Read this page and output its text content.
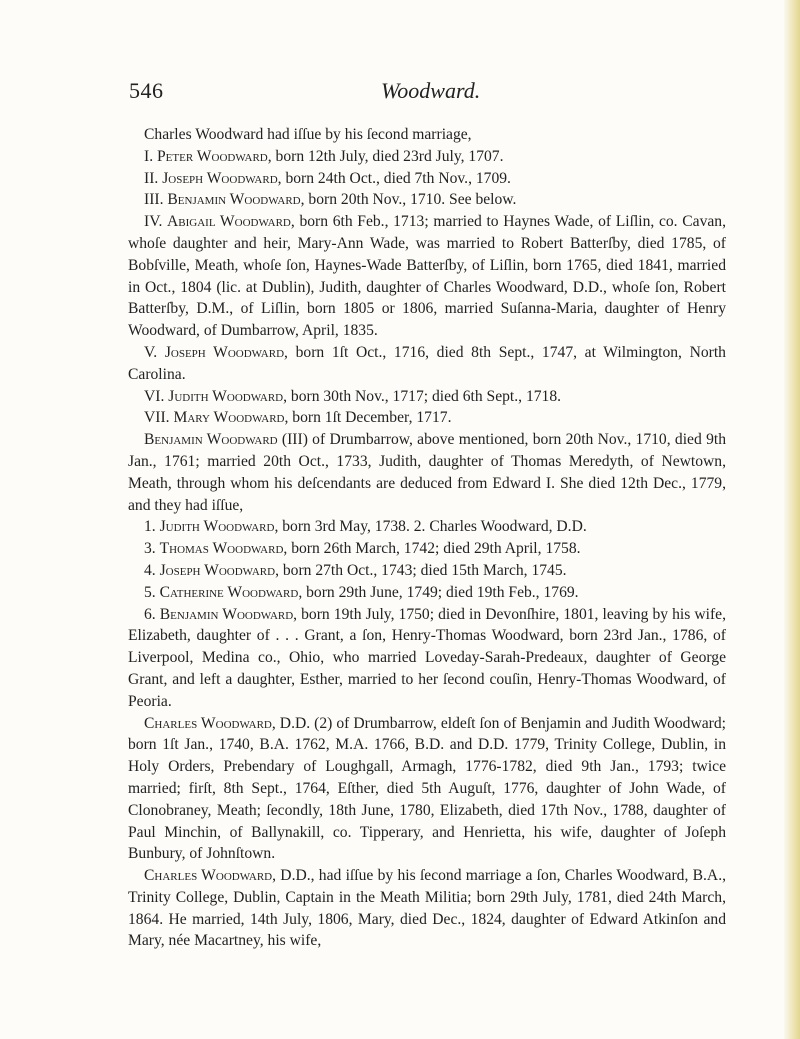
546	Woodward.

Charles Woodward had iſſue by his ſecond marriage,

I. Peter Woodward, born 12th July, died 23rd July, 1707.

II. Joseph Woodward, born 24th Oct., died 7th Nov., 1709.

III. Benjamin Woodward, born 20th Nov., 1710. See below.

IV. Abigail Woodward, born 6th Feb., 1713; married to Haynes Wade, of Liſlin, co. Cavan, whoſe daughter and heir, Mary-Ann Wade, was married to Robert Batterſby, died 1785, of Bobſville, Meath, whoſe ſon, Haynes-Wade Batterſby, of Liſlin, born 1765, died 1841, married in Oct., 1804 (lic. at Dublin), Judith, daughter of Charles Woodward, D.D., whoſe ſon, Robert Batterſby, D.M., of Liſlin, born 1805 or 1806, married Suſanna-Maria, daughter of Henry Woodward, of Dumbarrow, April, 1835.

V. Joseph Woodward, born 1ſt Oct., 1716, died 8th Sept., 1747, at Wilmington, North Carolina.

VI. Judith Woodward, born 30th Nov., 1717; died 6th Sept., 1718.

VII. Mary Woodward, born 1ſt December, 1717.

Benjamin Woodward (III) of Drumbarrow, above mentioned, born 20th Nov., 1710, died 9th Jan., 1761; married 20th Oct., 1733, Judith, daughter of Thomas Meredyth, of Newtown, Meath, through whom his deſcendants are deduced from Edward I. She died 12th Dec., 1779, and they had iſſue,

1. Judith Woodward, born 3rd May, 1738. 2. Charles Woodward, D.D.

3. Thomas Woodward, born 26th March, 1742; died 29th April, 1758.

4. Joseph Woodward, born 27th Oct., 1743; died 15th March, 1745.

5. Catherine Woodward, born 29th June, 1749; died 19th Feb., 1769.

6. Benjamin Woodward, born 19th July, 1750; died in Devonſhire, 1801, leaving by his wife, Elizabeth, daughter of . . . Grant, a ſon, Henry-Thomas Woodward, born 23rd Jan., 1786, of Liverpool, Medina co., Ohio, who married Loveday-Sarah-Predeaux, daughter of George Grant, and left a daughter, Esther, married to her ſecond couſin, Henry-Thomas Woodward, of Peoria.

Charles Woodward, D.D. (2) of Drumbarrow, eldeſt ſon of Benjamin and Judith Woodward; born 1ſt Jan., 1740, B.A. 1762, M.A. 1766, B.D. and D.D. 1779, Trinity College, Dublin, in Holy Orders, Prebendary of Loughgall, Armagh, 1776-1782, died 9th Jan., 1793; twice married; firſt, 8th Sept., 1764, Eſther, died 5th Auguſt, 1776, daughter of John Wade, of Clonobraney, Meath; ſecondly, 18th June, 1780, Elizabeth, died 17th Nov., 1788, daughter of Paul Minchin, of Ballynakill, co. Tipperary, and Henrietta, his wife, daughter of Joſeph Bunbury, of Johnſtown.

Charles Woodward, D.D., had iſſue by his ſecond marriage a ſon, Charles Woodward, B.A., Trinity College, Dublin, Captain in the Meath Militia; born 29th July, 1781, died 24th March, 1864. He married, 14th July, 1806, Mary, died Dec., 1824, daughter of Edward Atkinſon and Mary, née Macartney, his wife,
